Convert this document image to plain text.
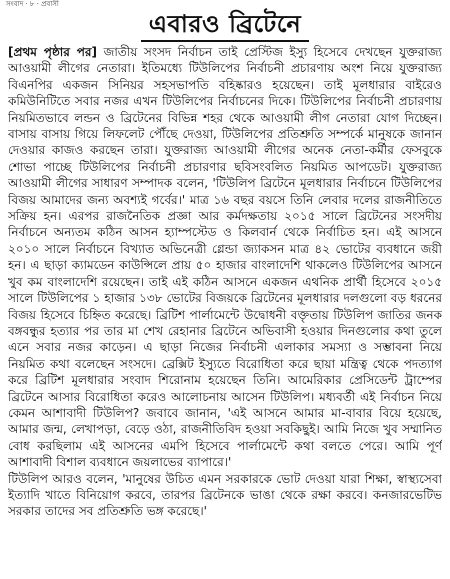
সংবাদ · ৮ · প্রবাসী
এবারও ব্রিটেনে

[প্রথম পৃষ্ঠার পর] জাতীয় সংসদ নির্বাচন তাই প্রেস্টিজ ইস্যু হিসেবে দেখছেন যুক্তরাজ্য আওয়ামী লীগের নেতারা। ইতিমধ্যে টিউলিপের নির্বাচনী প্রচারণায় অংশ নিয়ে যুক্তরাজ্য বিএনপির একজন সিনিয়র সহসভাপতি বহিষ্কারও হয়েছেন। তাই মূলধারার বাইরেও কমিউনিটিতে সবার নজর এখন টিউলিপের নির্বাচনের দিকে। টিউলিপের নির্বাচনী প্রচারণায় নিয়মিতভাবে লন্ডন ও ব্রিটেনের বিভিন্ন শহর থেকে আওয়ামী লীগ নেতারা যোগ দিচ্ছেন। বাসায় বাসায় গিয়ে লিফলেট পৌঁছে দেওয়া, টিউলিপের প্রতিশ্রুতি সম্পর্কে মানুষকে জানান দেওয়ার কাজও করছেন তারা। যুক্তরাজ্য আওয়ামী লীগের অনেক নেতা-কর্মীর ফেসবুকে শোভা পাচ্ছে টিউলিপের নির্বাচনী প্রচারণার ছবিসংবলিত নিয়মিত আপডেট। যুক্তরাজ্য আওয়ামী লীগের সাধারণ সম্পাদক বলেন, 'টিউলিপ ব্রিটেনে মূলধারার নির্বাচনে টিউলিপের বিজয় আমাদের জন্য অবশ্যই গর্বের।' মাত্র ১৬ বছর বয়সে তিনি লেবার দলের রাজনীতিতে সক্রিয় হন। এরপর রাজনৈতিক প্রজ্ঞা আর কর্মদক্ষতায় ২০১৫ সালে ব্রিটেনের সংসদীয় নির্বাচনে অন্যতম কঠিন আসন হ্যাম্পস্টেড ও কিলবার্ন থেকে নির্বাচিত হন। এই আসনে ২০১০ সালে নির্বাচনে বিখ্যাত অভিনেত্রী গ্লেন্ডা জ্যাকসন মাত্র ৪২ ভোটের ব্যবধানে জয়ী হন। এ ছাড়া ক্যামডেন কাউন্সিলে প্রায় ৫০ হাজার বাংলাদেশি থাকলেও টিউলিপের আসনে খুব কম বাংলাদেশি রয়েছেন। তাই এই কঠিন আসনে একজন এথনিক প্রার্থী হিসেবে ২০১৫ সালে টিউলিপের ১ হাজার ১৩৮ ভোটের বিজয়কে ব্রিটেনের মূলধারার দলগুলো বড় ধরনের বিজয় হিসেবে চিহ্নিত করেছে। ব্রিটিশ পার্লামেন্টে উদ্বোধনী বক্তৃতায় টিউলিপ জাতির জনক বঙ্গবন্ধুর হত্যার পর তার মা শেখ রেহানার ব্রিটেনে অভিবাসী হওয়ার দিনগুলোর কথা তুলে এনে সবার নজর কাড়েন। এ ছাড়া নিজের নির্বাচনী এলাকার সমস্যা ও সম্ভাবনা নিয়ে নিয়মিত কথা বলেছেন সংসদে। ব্রেক্সিট ইস্যুতে বিরোধিতা করে ছায়া মন্ত্রিত্ব থেকে পদত্যাগ করে ব্রিটিশ মূলধারার সংবাদ শিরোনাম হয়েছেন তিনি। আমেরিকার প্রেসিডেন্ট ট্রাম্পের ব্রিটেনে আসার বিরোধিতা করেও আলোচনায় আসেন টিউলিপ। মধ্যবর্তী এই নির্বাচন নিয়ে কেমন আশাবাদী টিউলিপ? জবাবে জানান, 'এই আসনে আমার মা-বাবার বিয়ে হয়েছে, আমার জন্ম, লেখাপড়া, বেড়ে ওঠা, রাজনীতিবিদ হওয়া সবকিছুই। আমি নিজে খুব সম্মানিত বোধ করছিলাম এই আসনের এমপি হিসেবে পার্লামেন্টে কথা বলতে পেরে। আমি পূর্ণ আশাবাদী বিশাল ব্যবধানে জয়লাভের ব্যাপারে।'

টিউলিপ আরও বলেন, 'মানুষের উচিত এমন সরকারকে ভোট দেওয়া যারা শিক্ষা, স্বাস্থ্যসেবা ইত্যাদি খাতে বিনিয়োগ করবে, তারপর ব্রিটেনকে ভাঙা থেকে রক্ষা করবে। কনজারভেটিভ সরকার তাদের সব প্রতিশ্রুতি ভঙ্গ করেছে।'
